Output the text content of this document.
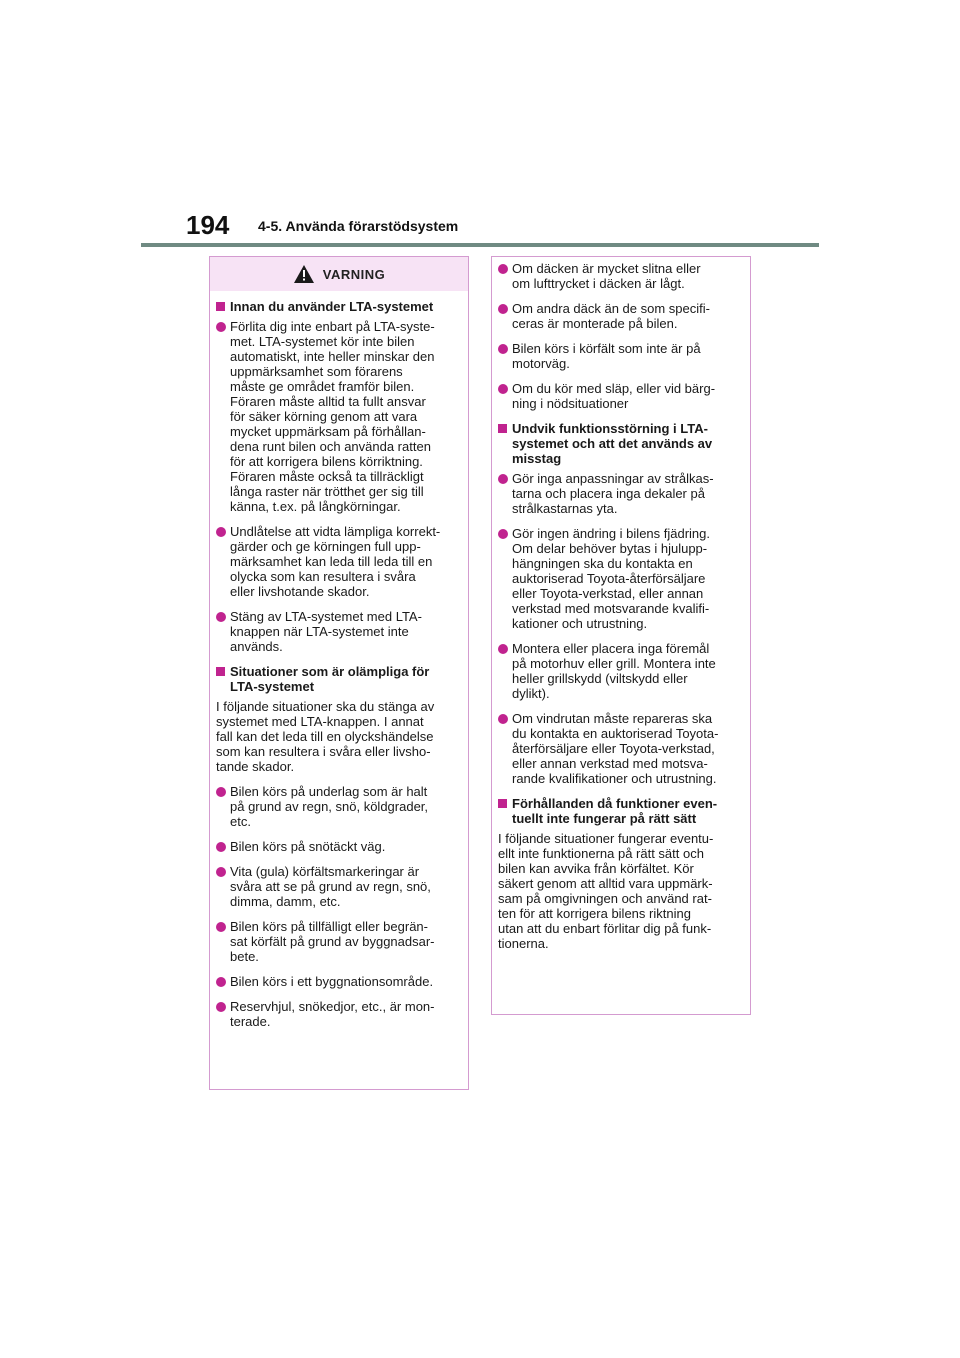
194 4-5. Använda förarstödsystem
VARNING
Innan du använder LTA-systemet
Förlita dig inte enbart på LTA-syste-
met. LTA-systemet kör inte bilen
automatiskt, inte heller minskar den
uppmärksamhet som förarens
måste ge området framför bilen.
Föraren måste alltid ta fullt ansvar
för säker körning genom att vara
mycket uppmärksam på förhållan-
dena runt bilen och använda ratten
för att korrigera bilens körriktning.
Föraren måste också ta tillräckligt
långa raster när trötthet ger sig till
känna, t.ex. på långkörningar.
Undlåtelse att vidta lämpliga korrekt-
gärder och ge körningen full upp-
märksamhet kan leda till leda till en
olycka som kan resultera i svåra
eller livshotande skador.
Stäng av LTA-systemet med LTA-
knappen när LTA-systemet inte
används.
Situationer som är olämpliga för
LTA-systemet
I följande situationer ska du stänga av
systemet med LTA-knappen. I annat
fall kan det leda till en olyckshändelse
som kan resultera i svåra eller livsho-
tande skador.
Bilen körs på underlag som är halt
på grund av regn, snö, köldgrader,
etc.
Bilen körs på snötäckt väg.
Vita (gula) körfältsmarkeringar är
svåra att se på grund av regn, snö,
dimma, damm, etc.
Bilen körs på tillfälligt eller begrän-
sat körfält på grund av byggnadsar-
bete.
Bilen körs i ett byggnationsområde.
Reservhjul, snökedjor, etc., är mon-
terade.
Om däcken är mycket slitna eller
om lufttrycket i däcken är lågt.
Om andra däck än de som specifi-
ceras är monterade på bilen.
Bilen körs i körfält som inte är på
motorväg.
Om du kör med släp, eller vid bärg-
ning i nödsituationer
Undvik funktionsstörning i LTA-
systemet och att det används av
misstag
Gör inga anpassningar av strålkas-
tarna och placera inga dekaler på
strålkastarnas yta.
Gör ingen ändring i bilens fjädring.
Om delar behöver bytas i hjulupp-
hängningen ska du kontakta en
auktoriserad Toyota-återförsäljare
eller Toyota-verkstad, eller annan
verkstad med motsvarande kvalifi-
kationer och utrustning.
Montera eller placera inga föremål
på motorhuv eller grill. Montera inte
heller grillskydd (viltskydd eller
dylikt).
Om vindrutan måste repareras ska
du kontakta en auktoriserad Toyota-
återförsäljare eller Toyota-verkstad,
eller annan verkstad med motsva-
rande kvalifikationer och utrustning.
Förhållanden då funktioner even-
tuellt inte fungerar på rätt sätt
I följande situationer fungerar eventu-
ellt inte funktionerna på rätt sätt och
bilen kan avvika från körfältet. Kör
säkert genom att alltid vara uppmärk-
sam på omgivningen och använd rat-
ten för att korrigera bilens riktning
utan att du enbart förlitar dig på funk-
tionerna.
